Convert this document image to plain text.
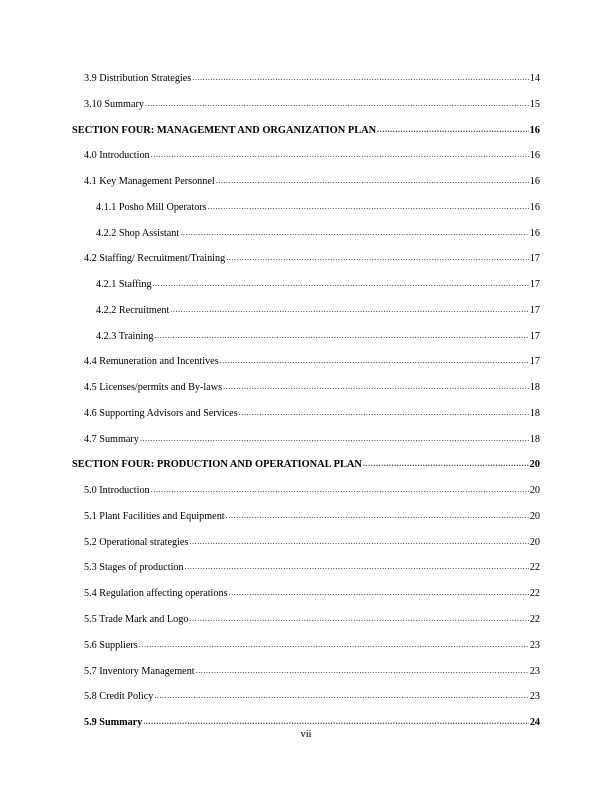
3.9 Distribution Strategies .....	14
3.10 Summary .....	15
SECTION FOUR: MANAGEMENT AND ORGANIZATION PLAN .....	16
4.0 Introduction .....	16
4.1 Key Management Personnel .....	16
4.1.1 Posho Mill Operators .....	16
4.2.2 Shop Assistant .....	16
4.2 Staffing/ Recruitment/Training .....	17
4.2.1 Staffing .....	17
4.2.2 Recruitment .....	17
4.2.3 Training .....	17
4.4 Remuneration and Incentives .....	17
4.5 Licenses/permits and By-laws .....	18
4.6 Supporting Advisors and Services .....	18
4.7 Summary .....	18
SECTION FOUR: PRODUCTION AND OPERATIONAL PLAN .....	20
5.0 Introduction .....	20
5.1 Plant Facilities and Equipment .....	20
5.2 Operational strategies .....	20
5.3 Stages of production .....	22
5.4 Regulation affecting operations .....	22
5.5 Trade Mark and Logo .....	22
5.6 Suppliers .....	23
5.7 Inventory Management .....	23
5.8 Credit Policy .....	23
5.9 Summary .....	24
vii
